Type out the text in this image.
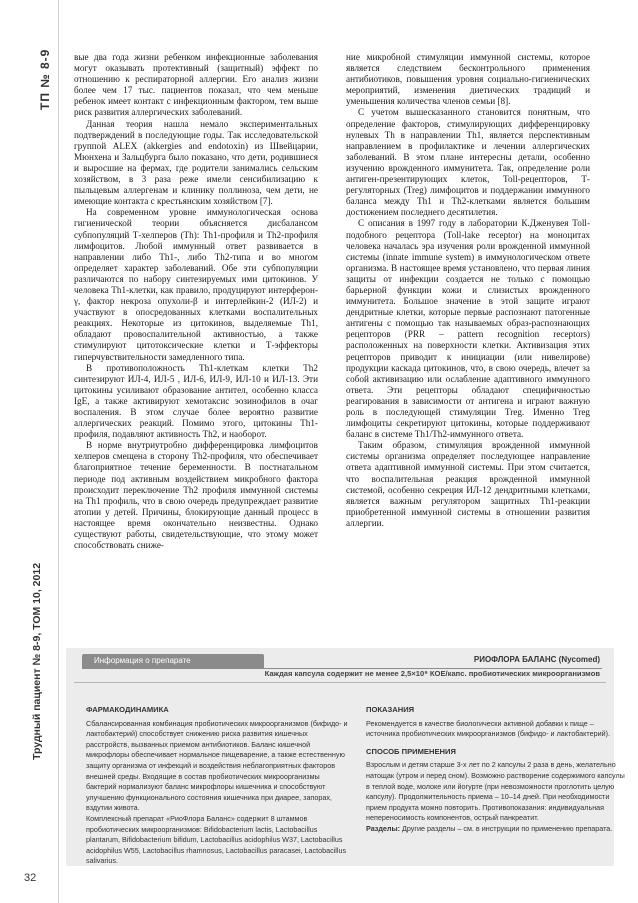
ТП № 8-9
Трудный пациент № 8-9, ТОМ 10, 2012
32

вые два года жизни ребенком инфекционные заболевания могут оказывать протективный (защитный) эффект по отношению к респираторной аллергии. Его анализ жизни более чем 17 тыс. пациентов показал, что чем меньше ребенок имеет контакт с инфекционным фактором, тем выше риск развития аллергических заболеваний.

Данная теория нашла немало экспериментальных подтверждений в последующие годы. Так исследовательской группой ALEX (akkergies and endotoxin) из Швейцарии, Мюнхена и Зальцбурга было показано, что дети, родившиеся и выросшие на фермах, где родители занимались сельским хозяйством, в 3 раза реже имели сенсибилизацию к пыльцевым аллергенам и клинику поллиноза, чем дети, не имеющие контакта с крестьянским хозяйством [7].

На современном уровне иммунологическая основа гигиенической теории объясняется дисбалансом субпопуляций Т-хелперов (Th): Th1-профиля и Th2-профиля лимфоцитов. Любой иммунный ответ развивается в направлении либо Th1-, либо Th2-типа и во многом определяет характер заболеваний. Обе эти субпопуляции различаются по набору синтезируемых ими цитокинов. У человека Th1-клетки, как правило, продуцируют интерферон-γ, фактор некроза опухоли-β и интерлейкин-2 (ИЛ-2) и участвуют в опосредованных клетками воспалительных реакциях. Некоторые из цитокинов, выделяемые Th1, обладают провоспалительной активностью, а также стимулируют цитотоксические клетки и Т-эффекторы гиперчувствительности замедленного типа.

В противоположность Th1-клеткам клетки Th2 синтезируют ИЛ-4, ИЛ-5 , ИЛ-6, ИЛ-9, ИЛ-10 и ИЛ-13. Эти цитокины усиливают образование антител, особенно класса IgE, а также активируют хемотаксис эозинофилов в очаг воспаления. В этом случае более вероятно развитие аллергических реакций. Помимо этого, цитокины Th1-профиля, подавляют активность Th2, и наоборот.

В норме внутриутробно дифференцировка лимфоцитов хелперов смещена в сторону Th2-профиля, что обеспечивает благоприятное течение беременности. В постнатальном периоде под активным воздействием микробного фактора происходит переключение Th2 профиля иммунной системы на Th1 профиль, что в свою очередь предупреждает развитие атопии у детей. Причины, блокирующие данный процесс в настоящее время окончательно неизвестны. Однако существуют работы, свидетельствующие, что этому может способствовать сниже-

ние микробной стимуляции иммунной системы, которое является следствием бесконтрольного применения антибиотиков, повышения уровня социально-гигиенических мероприятий, изменения диетических традиций и уменьшения количества членов семьи [8].

С учетом вышесказанного становится понятным, что определение факторов, стимулирующих дифференцировку нулевых Th в направлении Th1, является перспективным направлением в профилактике и лечении аллергических заболеваний. В этом плане интересны детали, особенно изучению врожденного иммунитета. Так, определение роли антиген-презентирующих клеток, Toll-рецепторов, Т-регуляторных (Treg) лимфоцитов и поддержании иммунного баланса между Th1 и Th2-клетками является большим достижением последнего десятилетия.

С описания в 1997 году в лаборатории К.Дженувея Toll-подобного рецептора (Toll-lake receptor) на моноцитах человека началась эра изучения роли врожденной иммунной системы (innate immune system) в иммунологическом ответе организма. В настоящее время установлено, что первая линия защиты от инфекции создается не только с помощью барьерной функции кожи и слизистых врожденного иммунитета. Большое значение в этой защите играют дендритные клетки, которые первые распознают патогенные антигены с помощью так называемых образ-распознающих рецепторов (PRR – pattern recognition receptors) расположенных на поверхности клетки. Активизация этих рецепторов приводит к инициации (или нивелирове) продукции каскада цитокинов, что, в свою очередь, влечет за собой активизацию или ослабление адаптивного иммунного ответа. Эти рецепторы обладают специфичностью реагирования в зависимости от антигена и играют важную роль в последующей стимуляции Treg. Именно Treg лимфоциты секретируют цитокины, которые поддерживают баланс в системе Th1/Th2-иммунного ответа.

Таким образом, стимуляция врожденной иммунной системы организма определяет последующее направление ответа адаптивной иммунной системы. При этом считается, что воспалительная реакция врожденной иммунной системой, особенно секреция ИЛ-12 дендритными клетками, является важным регулятором защитных Th1-реакции приобретенной иммунной системы в отношении развития аллергии.

Информация о препарате	РИОФЛОРА БАЛАНС (Nycomed)
Каждая капсула содержит не менее 2,5×10⁹ КОЕ/капс. пробиотических микроорганизмов
ФАРМАКОДИНАМИКА
Сбалансированная комбинация пробиотических микроорганизмов (бифидо- и лактобактерий) способствует снижению риска развития кишечных расстройств, вызванных приемом антибиотиков. Баланс кишечной микрофлоры обеспечивает нормальное пищеварение, а также естественную защиту организма от инфекций и воздействия неблагоприятных факторов внешней среды. Входящие в состав пробиотических микроорганизмы бактерий нормализуют баланс микрофлоры кишечника и способствуют улучшению функционального состояния кишечника при диарее, запорах, вздутии живота.
Комплексный препарат «РиоФлора Баланс» содержит 8 штаммов пробиотических микроорганизмов: Bifidobacterium lactis, Lactobacillus plantarum, Bifidobacterium bifidum, Lactobacillus acidophilus W37, Lactobacillus acidophilus W55, Lactobacillus rhamnosus, Lactobacillus paracasei, Lactobacillus salivarius.
ПОКАЗАНИЯ
Рекомендуется в качестве биологически активной добавки к пище – источника пробиотических микроорганизмов (бифидо- и лактобактерий).
СПОСОБ ПРИМЕНЕНИЯ
Взрослым и детям старше 3-х лет по 2 капсулы 2 раза в день, желательно натощак (утром и перед сном). Возможно растворение содержимого капсулы в теплой воде, молоке или йогурте (при невозможности проглотить целую капсулу). Продолжительность приема – 10–14 дней. При необходимости прием продукта можно повторить. Противопоказания: индивидуальная непереносимость компонентов, острый панкреатит.
Разделы: Другие разделы – см. в инструкции по применению препарата.
